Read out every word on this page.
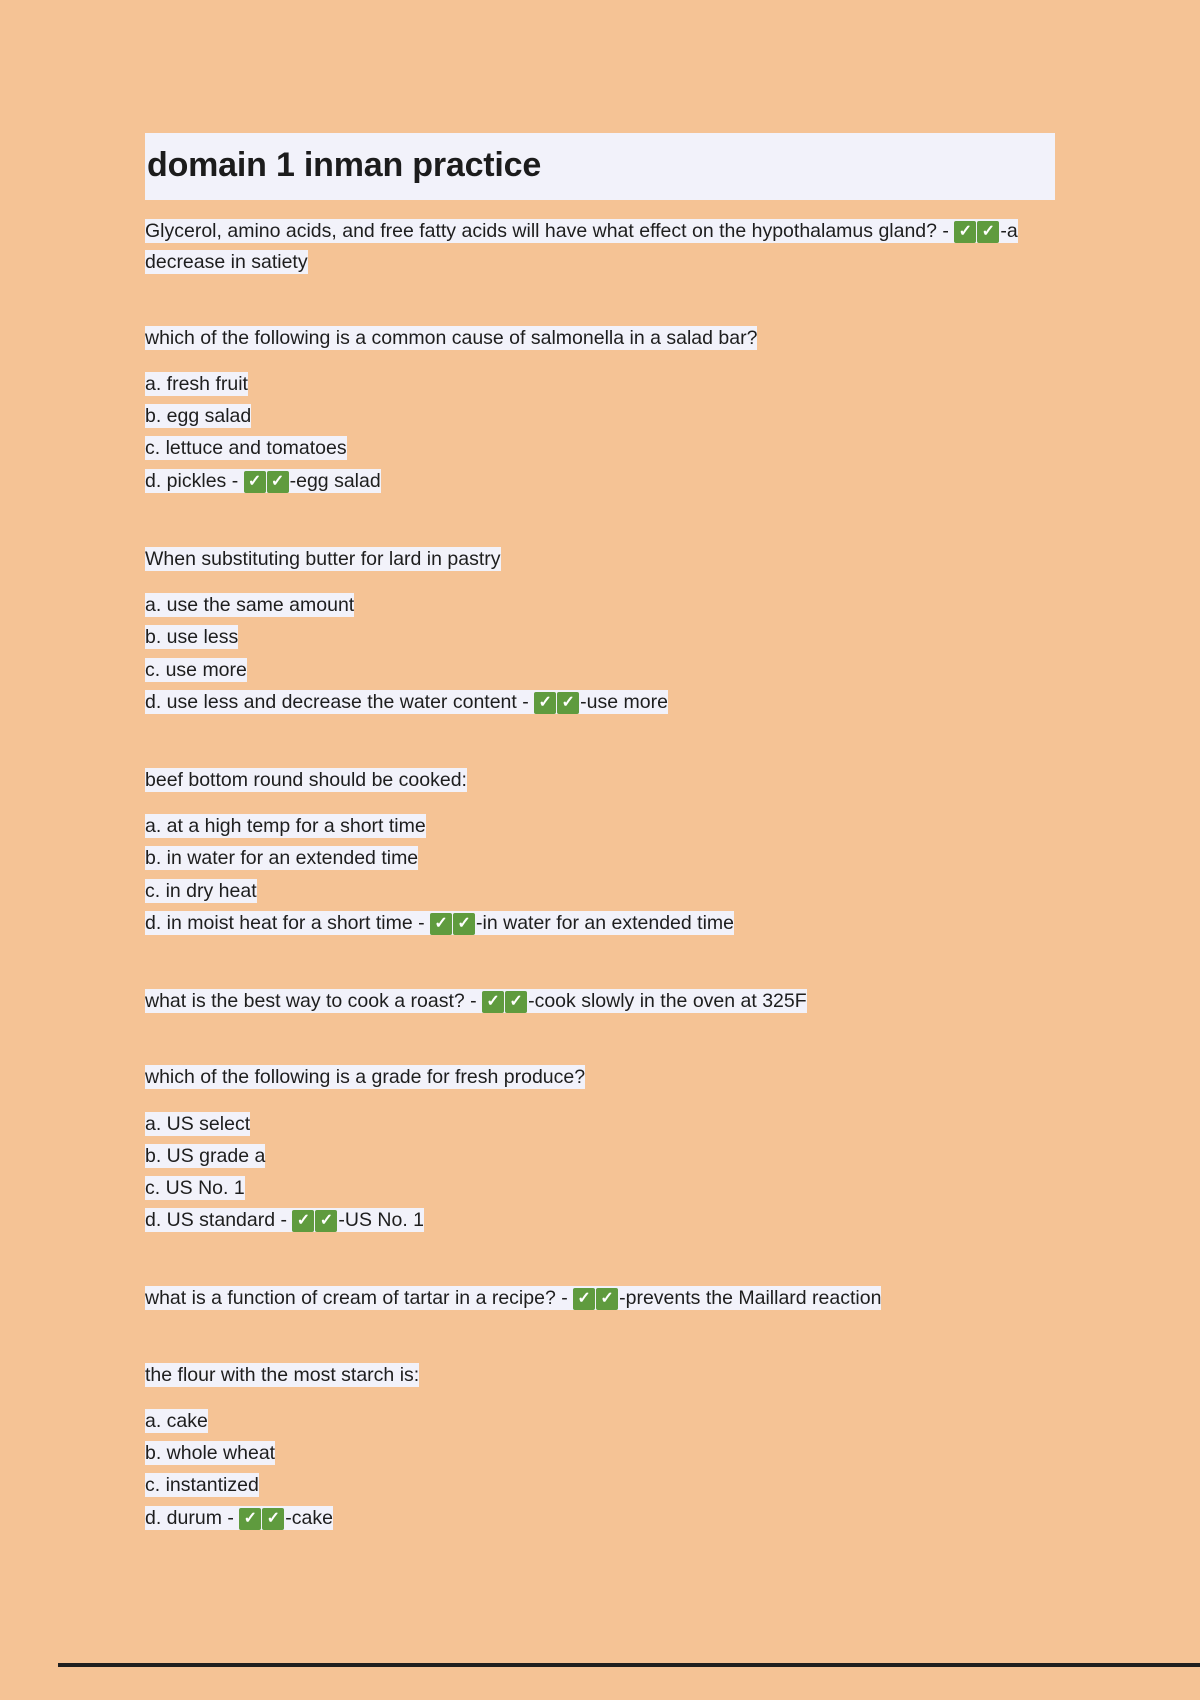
domain 1 inman practice

Glycerol, amino acids, and free fatty acids will have what effect on the hypothalamus gland? - ✓ ✓ -a decrease in satiety

which of the following is a common cause of salmonella in a salad bar?

a. fresh fruit

b. egg salad

c. lettuce and tomatoes

d. pickles - ✓ ✓ -egg salad

When substituting butter for lard in pastry

a. use the same amount

b. use less

c. use more

d. use less and decrease the water content - ✓ ✓ -use more

beef bottom round should be cooked:

a. at a high temp for a short time

b. in water for an extended time

c. in dry heat

d. in moist heat for a short time - ✓ ✓ -in water for an extended time

what is the best way to cook a roast? - ✓ ✓ -cook slowly in the oven at 325F

which of the following is a grade for fresh produce?

a. US select

b. US grade a

c. US No. 1

d. US standard - ✓ ✓ -US No. 1

what is a function of cream of tartar in a recipe? - ✓ ✓ -prevents the Maillard reaction

the flour with the most starch is:

a. cake

b. whole wheat

c. instantized

d. durum - ✓ ✓ -cake
